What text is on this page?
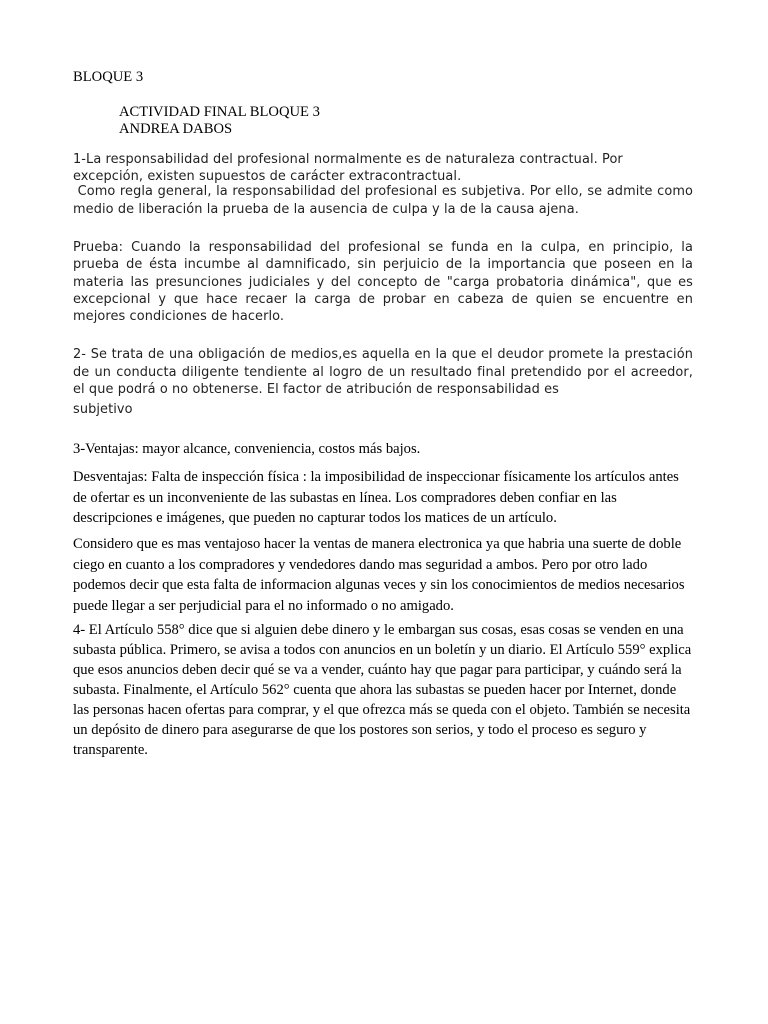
BLOQUE 3
ACTIVIDAD FINAL BLOQUE 3
ANDREA DABOS
1-La responsabilidad del profesional normalmente es de naturaleza contractual. Por
excepción, existen supuestos de carácter extracontractual.

Como regla general, la responsabilidad del profesional es subjetiva. Por ello, se admite como medio de liberación la prueba de la ausencia de culpa y la de la causa ajena.

Prueba: Cuando la responsabilidad del profesional se funda en la culpa, en principio, la prueba de ésta incumbe al damnificado, sin perjuicio de la importancia que poseen en la materia las presunciones judiciales y del concepto de "carga probatoria dinámica", que es excepcional y que hace recaer la carga de probar en cabeza de quien se encuentre en mejores condiciones de hacerlo.

2- Se trata de una obligación de medios,es aquella en la que el deudor promete la prestación de un conducta diligente tendiente al logro de un resultado final pretendido por el acreedor, el que podrá o no obtenerse. El factor de atribución de responsabilidad es
subjetivo

3-Ventajas: mayor alcance, conveniencia, costos más bajos.

Desventajas: Falta de inspección física : la imposibilidad de inspeccionar físicamente los artículos antes de ofertar es un inconveniente de las subastas en línea. Los compradores deben confiar en las descripciones e imágenes, que pueden no capturar todos los matices de un artículo.

Considero que es mas ventajoso hacer la ventas de manera electronica ya que habria una suerte de doble ciego en cuanto a los compradores y vendedores dando mas seguridad a ambos. Pero por otro lado podemos decir que esta falta de informacion algunas veces y sin los conocimientos de medios necesarios puede llegar a ser perjudicial para el no informado o no amigado.

4- El Artículo 558° dice que si alguien debe dinero y le embargan sus cosas, esas cosas se venden en una subasta pública. Primero, se avisa a todos con anuncios en un boletín y un diario. El Artículo 559° explica que esos anuncios deben decir qué se va a vender, cuánto hay que pagar para participar, y cuándo será la subasta. Finalmente, el Artículo 562° cuenta que ahora las subastas se pueden hacer por Internet, donde las personas hacen ofertas para comprar, y el que ofrezca más se queda con el objeto. También se necesita un depósito de dinero para asegurarse de que los postores son serios, y todo el proceso es seguro y transparente.
